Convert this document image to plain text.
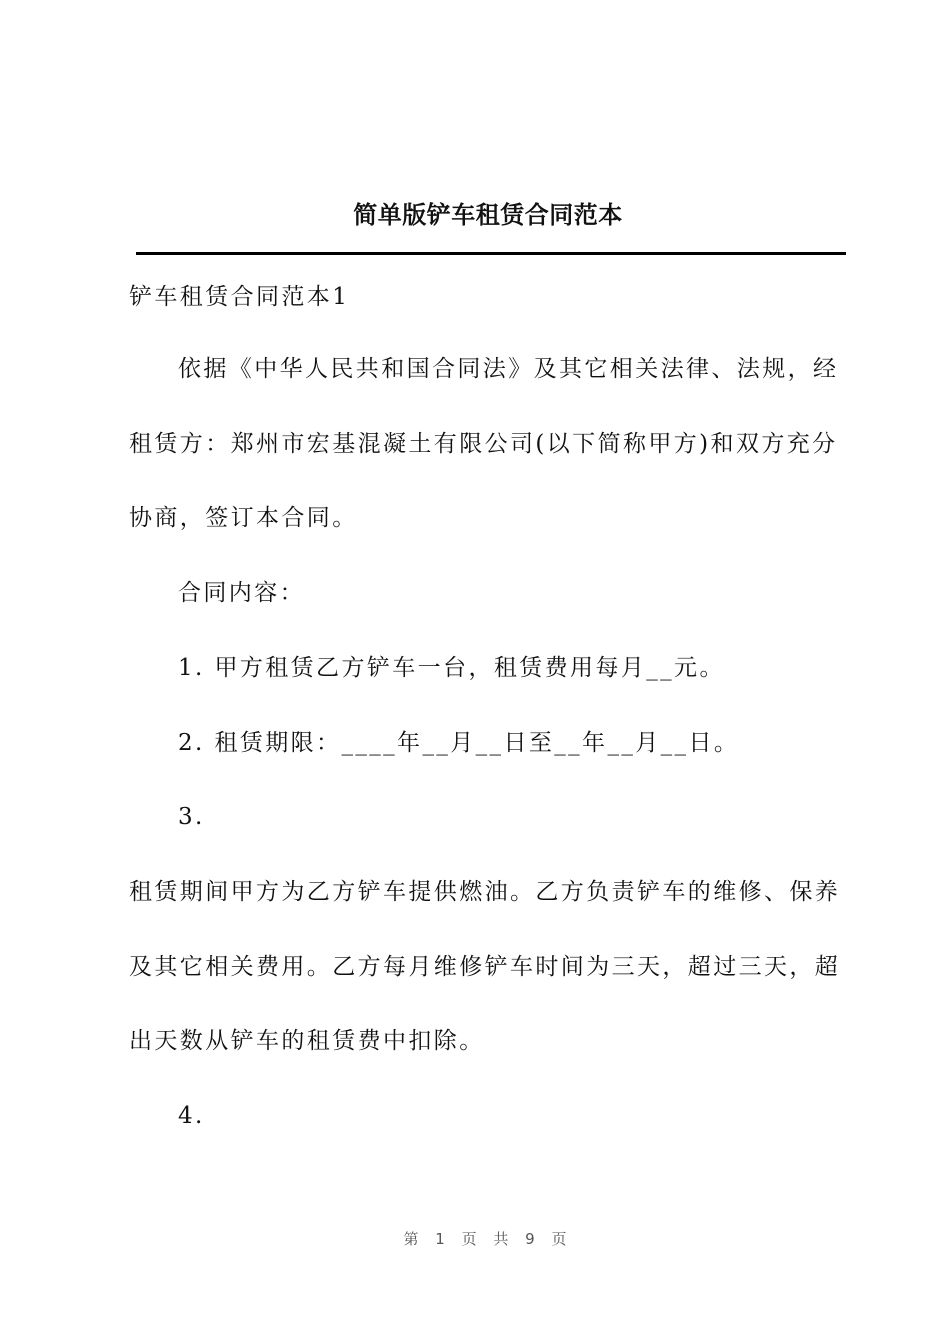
简单版铲车租赁合同范本
铲车租赁合同范本1
依据《中华人民共和国合同法》及其它相关法律、法规，经
租赁方：郑州市宏基混凝土有限公司(以下简称甲方)和双方充分
协商，签订本合同。
合同内容：
1. 甲方租赁乙方铲车一台，租赁费用每月__元。
2. 租赁期限：____年__月__日至__年__月__日。
3.
租赁期间甲方为乙方铲车提供燃油。乙方负责铲车的维修、保养
及其它相关费用。乙方每月维修铲车时间为三天，超过三天，超
出天数从铲车的租赁费中扣除。
4.
第 1 页 共 9 页
